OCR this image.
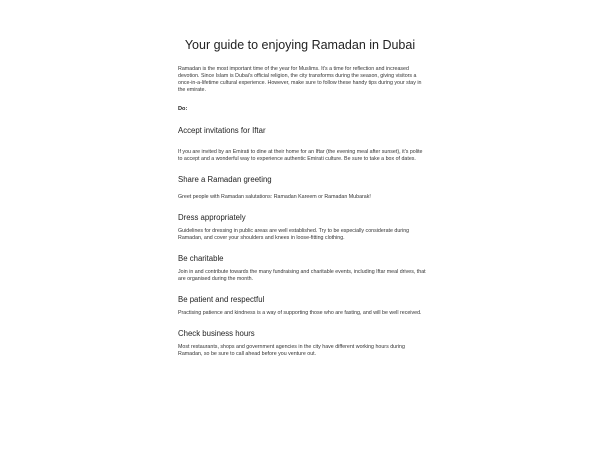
Your guide to enjoying Ramadan in Dubai

Ramadan is the most important time of the year for Muslims. It's a time for reflection and increased devotion. Since Islam is Dubai's official religion, the city transforms during the season, giving visitors a once-in-a-lifetime cultural experience. However, make sure to follow these handy tips during your stay in the emirate.

Do:

Accept invitations for Iftar

If you are invited by an Emirati to dine at their home for an Iftar (the evening meal after sunset), it's polite to accept and a wonderful way to experience authentic Emirati culture. Be sure to take a box of dates.

Share a Ramadan greeting

Greet people with Ramadan salutations: Ramadan Kareem or Ramadan Mubarak!

Dress appropriately

Guidelines for dressing in public areas are well established. Try to be especially considerate during Ramadan, and cover your shoulders and knees in loose-fitting clothing.

Be charitable

Join in and contribute towards the many fundraising and charitable events, including Iftar meal drives, that are organised during the month.

Be patient and respectful

Practising patience and kindness is a way of supporting those who are fasting, and will be well received.

Check business hours

Most restaurants, shops and government agencies in the city have different working hours during Ramadan, so be sure to call ahead before you venture out.
